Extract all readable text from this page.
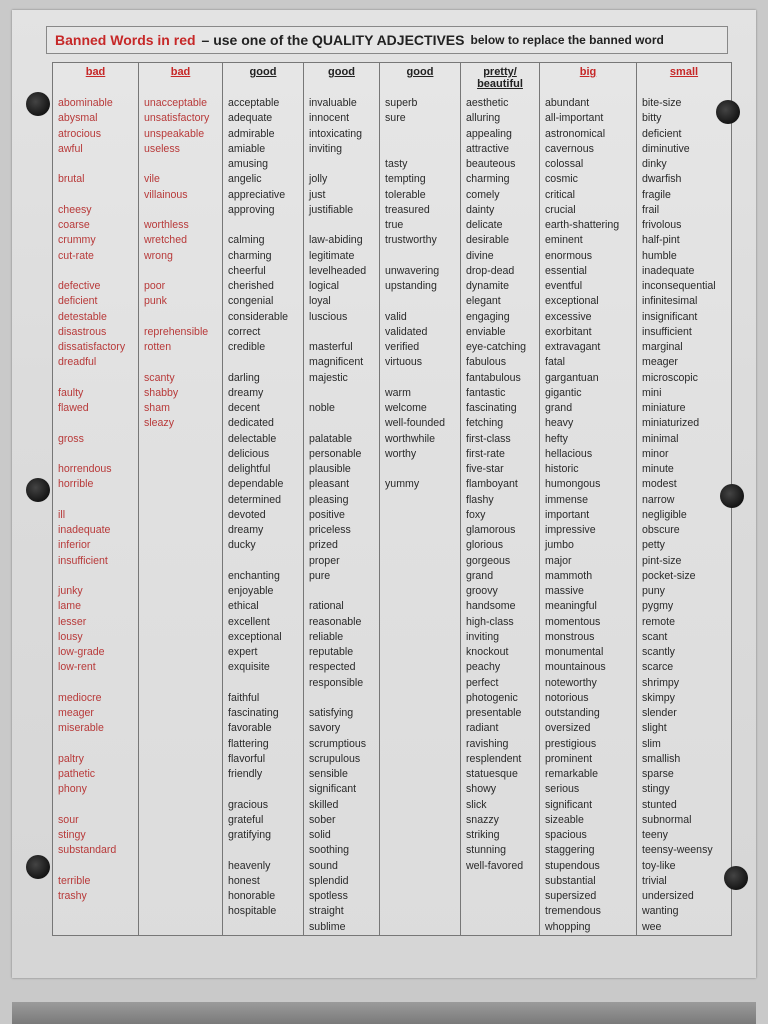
Banned Words in red – use one of the QUALITY ADJECTIVES below to replace the banned word
bad
abominable
abysmal
atrocious
awful
brutal
cheesy
coarse
crummy
cut-rate
defective
deficient
detestable
disastrous
dissatisfactory
dreadful
faulty
flawed
gross
horrendous
horrible
ill
inadequate
inferior
insufficient
junky
lame
lesser
lousy
low-grade
low-rent
mediocre
meager
miserable
paltry
pathetic
phony
sour
stingy
substandard
terrible
trashy
bad
unacceptable
unsatisfactory
unspeakable
useless
vile
villainous
worthless
wretched
wrong
poor
punk
reprehensible
rotten
scanty
shabby
sham
sleazy
good
acceptable
adequate
admirable
amiable
amusing
angelic
appreciative
approving
calming
charming
cheerful
cherished
congenial
considerable
correct
credible
darling
dreamy
decent
dedicated
delectable
delicious
delightful
dependable
determined
devoted
dreamy
ducky
enchanting
enjoyable
ethical
excellent
exceptional
expert
exquisite
faithful
fascinating
favorable
flattering
flavorful
friendly
gracious
grateful
gratifying
heavenly
honest
honorable
hospitable
good
invaluable
innocent
intoxicating
inviting
jolly
just
justifiable
law-abiding
legitimate
levelheaded
logical
loyal
luscious
masterful
magnificent
majestic
noble
palatable
personable
plausible
pleasant
pleasing
positive
priceless
prized
proper
pure
rational
reasonable
reliable
reputable
respected
responsible
satisfying
savory
scrumptious
scrupulous
sensible
significant
skilled
sober
solid
soothing
sound
splendid
spotless
straight
sublime
good
superb
sure
tasty
tempting
tolerable
treasured
true
trustworthy
unwavering
upstanding
valid
validated
verified
virtuous
warm
welcome
well-founded
worthwhile
worthy
yummy
pretty/ beautiful
aesthetic
alluring
appealing
attractive
beauteous
charming
comely
dainty
delicate
desirable
divine
drop-dead
dynamite
elegant
engaging
enviable
eye-catching
fabulous
fantabulous
fantastic
fascinating
fetching
first-class
first-rate
five-star
flamboyant
flashy
foxy
glamorous
glorious
gorgeous
grand
groovy
handsome
high-class
inviting
knockout
peachy
perfect
photogenic
presentable
radiant
ravishing
resplendent
statuesque
showy
slick
snazzy
striking
stunning
well-favored
big
abundant
all-important
astronomical
cavernous
colossal
cosmic
critical
crucial
earth-shattering
eminent
enormous
essential
eventful
exceptional
excessive
exorbitant
extravagant
fatal
gargantuan
gigantic
grand
heavy
hefty
hellacious
historic
humongous
immense
important
impressive
jumbo
major
mammoth
massive
meaningful
momentous
monstrous
monumental
mountainous
noteworthy
notorious
outstanding
oversized
prestigious
prominent
remarkable
serious
significant
sizeable
spacious
staggering
stupendous
substantial
supersized
tremendous
whopping
small
bite-size
bitty
deficient
diminutive
dinky
dwarfish
fragile
frail
frivolous
half-pint
humble
inadequate
inconsequential
infinitesimal
insignificant
insufficient
marginal
meager
microscopic
mini
miniature
miniaturized
minimal
minor
minute
modest
narrow
negligible
obscure
petty
pint-size
pocket-size
puny
pygmy
remote
scant
scantly
scarce
shrimpy
skimpy
slender
slight
slim
smallish
sparse
stingy
stunted
subnormal
teeny
teensy-weensy
toy-like
trivial
undersized
wanting
wee
